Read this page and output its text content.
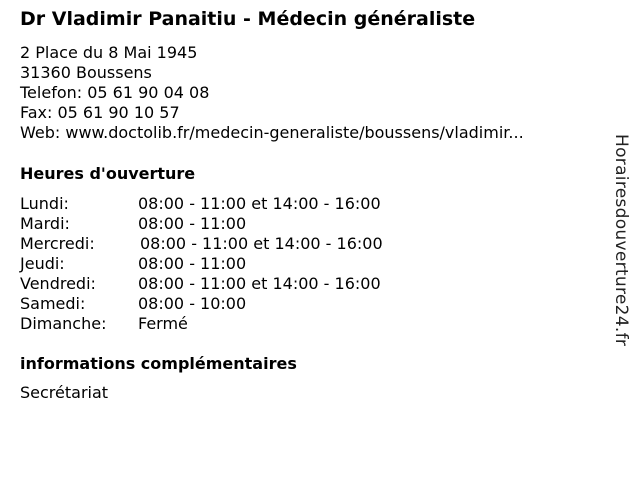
Dr Vladimir Panaitiu - Médecin généraliste
2 Place du 8 Mai 1945
31360 Boussens
Telefon: 05 61 90 04 08
Fax: 05 61 90 10 57
Web: www.doctolib.fr/medecin-generaliste/boussens/vladimir...
Heures d'ouverture
Lundi:	08:00 - 11:00 et 14:00 - 16:00
Mardi:	08:00 - 11:00
Mercredi:	08:00 - 11:00 et 14:00 - 16:00
Jeudi:	08:00 - 11:00
Vendredi:	08:00 - 11:00 et 14:00 - 16:00
Samedi:	08:00 - 10:00
Dimanche: Fermé
informations complémentaires
Secrétariat
Horairesdouverture24.fr
